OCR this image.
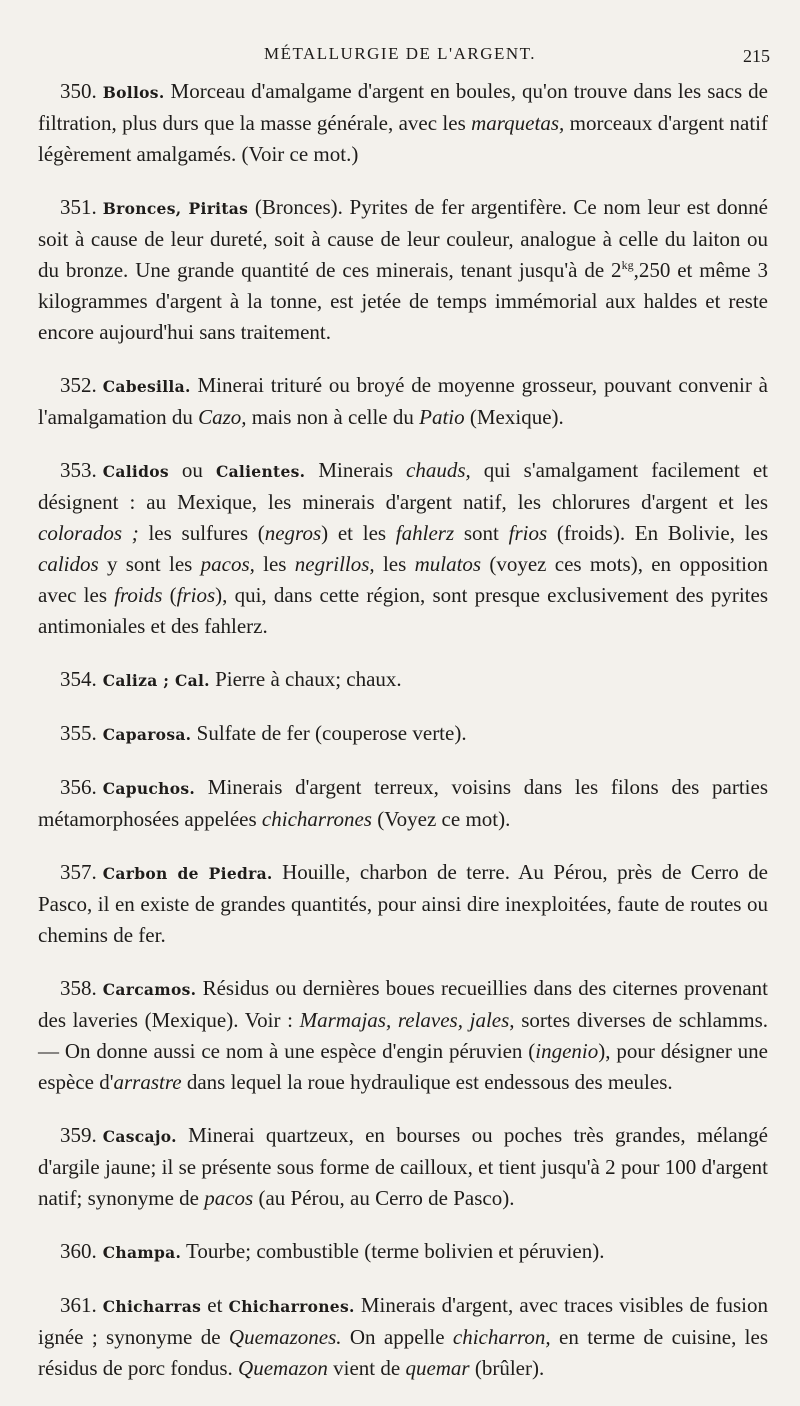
MÉTALLURGIE DE L'ARGENT.	215

350. Bollos. Morceau d'amalgame d'argent en boules, qu'on trouve dans les sacs de filtration, plus durs que la masse générale, avec les marquetas, morceaux d'argent natif légèrement amalgamés. (Voir ce mot.)

351. Bronces, Piritas (Bronces). Pyrites de fer argentifère. Ce nom leur est donné soit à cause de leur dureté, soit à cause de leur couleur, analogue à celle du laiton ou du bronze. Une grande quantité de ces minerais, tenant jusqu'à de $2^{kg},250$ et même 3 kilogrammes d'argent à la tonne, est jetée de temps immémorial aux haldes et reste encore aujourd'hui sans traitement.

352. Cabesilla. Minerai trituré ou broyé de moyenne grosseur, pouvant convenir à l'amalgamation du Cazo, mais non à celle du Patio (Mexique).

353. Calidos ou Calientes. Minerais chauds, qui s'amalgament facilement et désignent : au Mexique, les minerais d'argent natif, les chlorures d'argent et les colorados ; les sulfures (negros) et les fahlerz sont frios (froids). En Bolivie, les calidos y sont les pacos, les negrillos, les mulatos (voyez ces mots), en opposition avec les froids (frios), qui, dans cette région, sont presque exclusivement des pyrites antimoniales et des fahlerz.

354. Caliza ; Cal. Pierre à chaux; chaux.

355. Caparosa. Sulfate de fer (couperose verte).

356. Capuchos. Minerais d'argent terreux, voisins dans les filons des parties métamorphosées appelées chicharrones (Voyez ce mot).

357. Carbon de Piedra. Houille, charbon de terre. Au Pérou, près de Cerro de Pasco, il en existe de grandes quantités, pour ainsi dire inexploitées, faute de routes ou chemins de fer.

358. Carcamos. Résidus ou dernières boues recueillies dans des citernes provenant des laveries (Mexique). Voir : Marmajas, relaves, jales, sortes diverses de schlamms. — On donne aussi ce nom à une espèce d'engin péruvien (ingenio), pour désigner une espèce d'arrastre dans lequel la roue hydraulique est endessous des meules.

359. Cascajo. Minerai quartzeux, en bourses ou poches très grandes, mélangé d'argile jaune; il se présente sous forme de cailloux, et tient jusqu'à 2 pour 100 d'argent natif; synonyme de pacos (au Pérou, au Cerro de Pasco).

360. Champa. Tourbe; combustible (terme bolivien et péruvien).

361. Chicharras et Chicharrones. Minerais d'argent, avec traces visibles de fusion ignée ; synonyme de Quemazones. On appelle chicharron, en terme de cuisine, les résidus de porc fondus. Quemazon vient de quemar (brûler).
